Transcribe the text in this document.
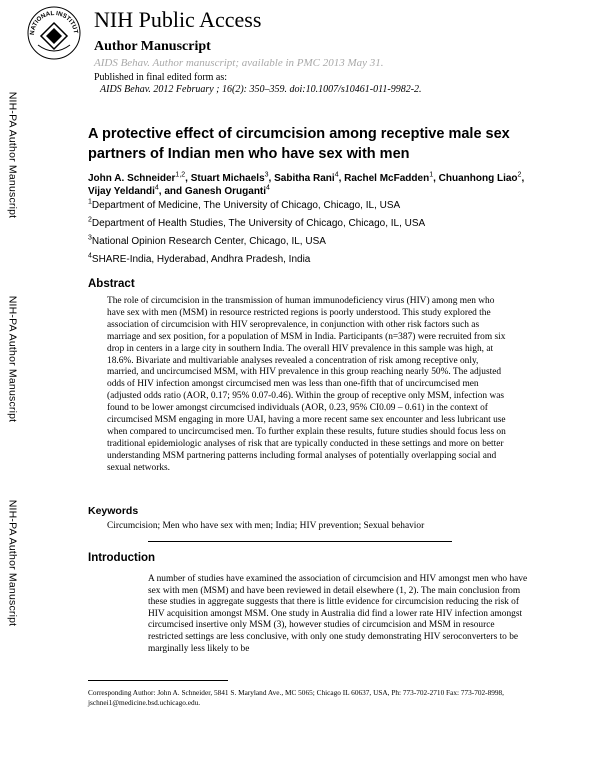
NATIONAL INSTITUT NIH Public Access
Author Manuscript
AIDS Behav. Author manuscript; available in PMC 2013 May 31.
Published in final edited form as:
AIDS Behav. 2012 February ; 16(2): 350–359. doi:10.1007/s10461-011-9982-2.
NIH-PA Author Manuscript
NIH-PA Author Manuscript
NIH-PA Author Manuscript
A protective effect of circumcision among receptive male sex partners of Indian men who have sex with men
John A. Schneider$^{1,2}$, Stuart Michaels$^3$, Sabitha Rani$^4$, Rachel McFadden$^1$, Chuanhong Liao$^2$, Vijay Yeldandi$^4$, and Ganesh Oruganti$^4$
$^1$Department of Medicine, The University of Chicago, Chicago, IL, USA
$^2$Department of Health Studies, The University of Chicago, Chicago, IL, USA
$^3$National Opinion Research Center, Chicago, IL, USA
$^4$SHARE-India, Hyderabad, Andhra Pradesh, India
Abstract
The role of circumcision in the transmission of human immunodeficiency virus (HIV) among men who have sex with men (MSM) in resource restricted regions is poorly understood. This study explored the association of circumcision with HIV seroprevalence, in conjunction with other risk factors such as marriage and sex position, for a population of MSM in India. Participants (n=387) were recruited from six drop in centers in a large city in southern India. The overall HIV prevalence in this sample was high, at 18.6%. Bivariate and multivariable analyses revealed a concentration of risk among receptive only, married, and uncircumcised MSM, with HIV prevalence in this group reaching nearly 50%. The adjusted odds of HIV infection amongst circumcised men was less than one-fifth that of uncircumcised men (adjusted odds ratio (AOR, 0.17; 95% 0.07-0.46). Within the group of receptive only MSM, infection was found to be lower amongst circumcised individuals (AOR, 0.23, 95% CI0.09 – 0.61) in the context of circumcised MSM engaging in more UAI, having a more recent same sex encounter and less lubricant use when compared to uncircumcised men. To further explain these results, future studies should focus less on traditional epidemiologic analyses of risk that are typically conducted in these settings and more on better understanding MSM partnering patterns including formal analyses of potentially overlapping social and sexual networks.
Keywords
Circumcision; Men who have sex with men; India; HIV prevention; Sexual behavior
Introduction
A number of studies have examined the association of circumcision and HIV amongst men who have sex with men (MSM) and have been reviewed in detail elsewhere (1, 2). The main conclusion from these studies in aggregate suggests that there is little evidence for circumcision reducing the risk of HIV acquisition amongst MSM. One study in Australia did find a lower rate HIV infection amongst circumcised insertive only MSM (3), however studies of circumcision and MSM in resource restricted settings are less conclusive, with only one study demonstrating HIV seroconverters to be marginally less likely to be
Corresponding Author: John A. Schneider, 5841 S. Maryland Ave., MC 5065; Chicago IL 60637, USA, Ph: 773-702-2710 Fax: 773-702-8998, jschnei1@medicine.bsd.uchicago.edu.
